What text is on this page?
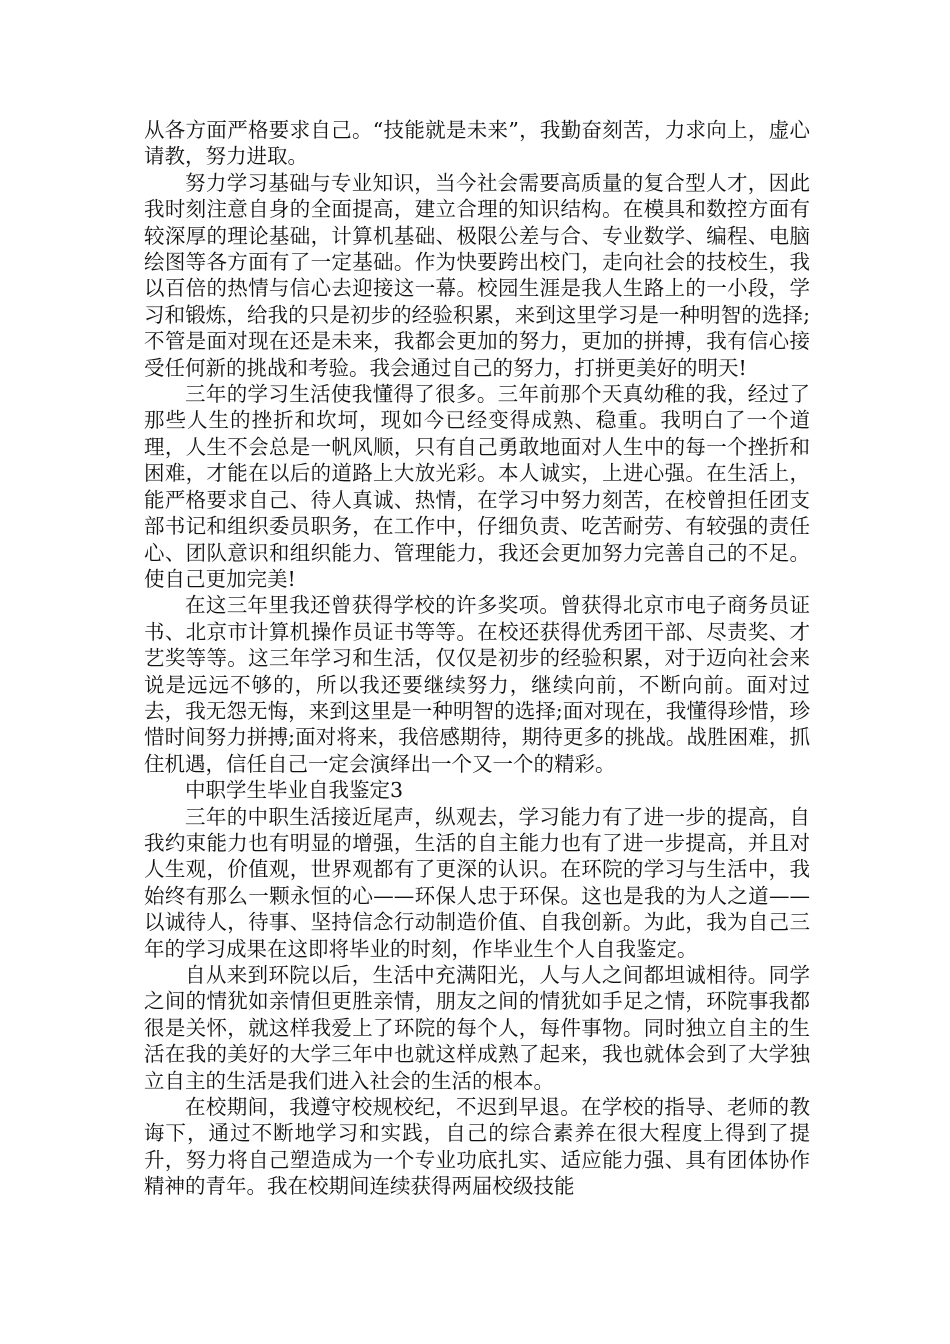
从各方面严格要求自己。“技能就是未来”，我勤奋刻苦，力求向上，虚心请教，努力进取。

努力学习基础与专业知识，当今社会需要高质量的复合型人才，因此我时刻注意自身的全面提高，建立合理的知识结构。在模具和数控方面有较深厚的理论基础，计算机基础、极限公差与合、专业数学、编程、电脑绘图等各方面有了一定基础。作为快要跨出校门，走向社会的技校生，我以百倍的热情与信心去迎接这一幕。校园生涯是我人生路上的一小段，学习和锻炼，给我的只是初步的经验积累，来到这里学习是一种明智的选择;不管是面对现在还是未来，我都会更加的努力，更加的拼搏，我有信心接受任何新的挑战和考验。我会通过自己的努力，打拼更美好的明天!

三年的学习生活使我懂得了很多。三年前那个天真幼稚的我，经过了那些人生的挫折和坎坷，现如今已经变得成熟、稳重。我明白了一个道理，人生不会总是一帆风顺，只有自己勇敢地面对人生中的每一个挫折和困难，才能在以后的道路上大放光彩。本人诚实，上进心强。在生活上，能严格要求自己、待人真诚、热情，在学习中努力刻苦，在校曾担任团支部书记和组织委员职务，在工作中，仔细负责、吃苦耐劳、有较强的责任心、团队意识和组织能力、管理能力，我还会更加努力完善自己的不足。使自己更加完美!

在这三年里我还曾获得学校的许多奖项。曾获得北京市电子商务员证书、北京市计算机操作员证书等等。在校还获得优秀团干部、尽责奖、才艺奖等等。这三年学习和生活，仅仅是初步的经验积累，对于迈向社会来说是远远不够的，所以我还要继续努力，继续向前，不断向前。面对过去，我无怨无悔，来到这里是一种明智的选择;面对现在，我懂得珍惜，珍惜时间努力拼搏;面对将来，我倍感期待，期待更多的挑战。战胜困难，抓住机遇，信任自己一定会演绎出一个又一个的精彩。

中职学生毕业自我鉴定3

三年的中职生活接近尾声，纵观去，学习能力有了进一步的提高，自我约束能力也有明显的增强，生活的自主能力也有了进一步提高，并且对人生观，价值观，世界观都有了更深的认识。在环院的学习与生活中，我始终有那么一颗永恒的心——环保人忠于环保。这也是我的为人之道——以诚待人，待事、坚持信念行动制造价值、自我创新。为此，我为自己三年的学习成果在这即将毕业的时刻，作毕业生个人自我鉴定。

自从来到环院以后，生活中充满阳光，人与人之间都坦诚相待。同学之间的情犹如亲情但更胜亲情，朋友之间的情犹如手足之情，环院事我都很是关怀，就这样我爱上了环院的每个人，每件事物。同时独立自主的生活在我的美好的大学三年中也就这样成熟了起来，我也就体会到了大学独立自主的生活是我们进入社会的生活的根本。

在校期间，我遵守校规校纪，不迟到早退。在学校的指导、老师的教诲下，通过不断地学习和实践，自己的综合素养在很大程度上得到了提升，努力将自己塑造成为一个专业功底扎实、适应能力强、具有团体协作精神的青年。我在校期间连续获得两届校级技能
